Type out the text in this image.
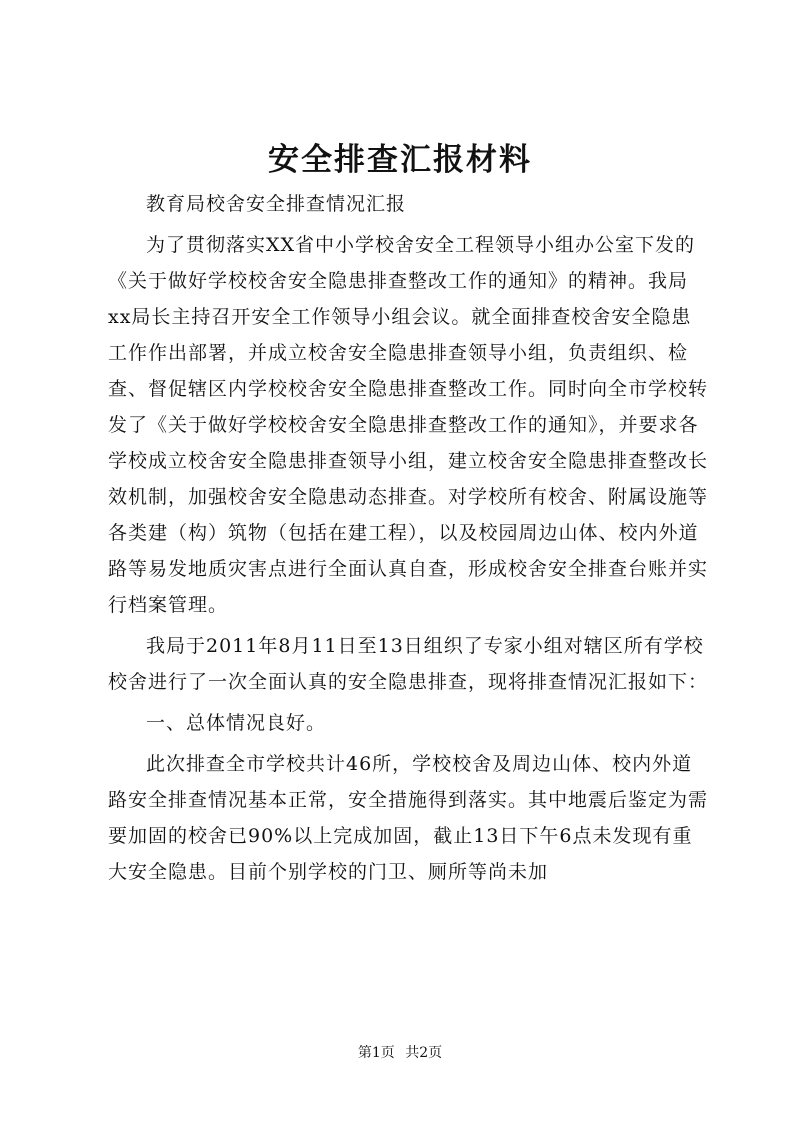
安全排查汇报材料

教育局校舍安全排查情况汇报

为了贯彻落实XX省中小学校舍安全工程领导小组办公室下发的《关于做好学校校舍安全隐患排查整改工作的通知》的精神。我局xx局长主持召开安全工作领导小组会议。就全面排查校舍安全隐患工作作出部署，并成立校舍安全隐患排查领导小组，负责组织、检查、督促辖区内学校校舍安全隐患排查整改工作。同时向全市学校转发了《关于做好学校校舍安全隐患排查整改工作的通知》，并要求各学校成立校舍安全隐患排查领导小组，建立校舍安全隐患排查整改长效机制，加强校舍安全隐患动态排查。对学校所有校舍、附属设施等各类建（构）筑物（包括在建工程），以及校园周边山体、校内外道路等易发地质灾害点进行全面认真自查，形成校舍安全排查台账并实行档案管理。

我局于2011年8月11日至13日组织了专家小组对辖区所有学校校舍进行了一次全面认真的安全隐患排查，现将排查情况汇报如下：

一、总体情况良好。

此次排查全市学校共计46所，学校校舍及周边山体、校内外道路安全排查情况基本正常，安全措施得到落实。其中地震后鉴定为需要加固的校舍已90%以上完成加固，截止13日下午6点未发现有重大安全隐患。目前个别学校的门卫、厕所等尚未加

第1页 共2页
